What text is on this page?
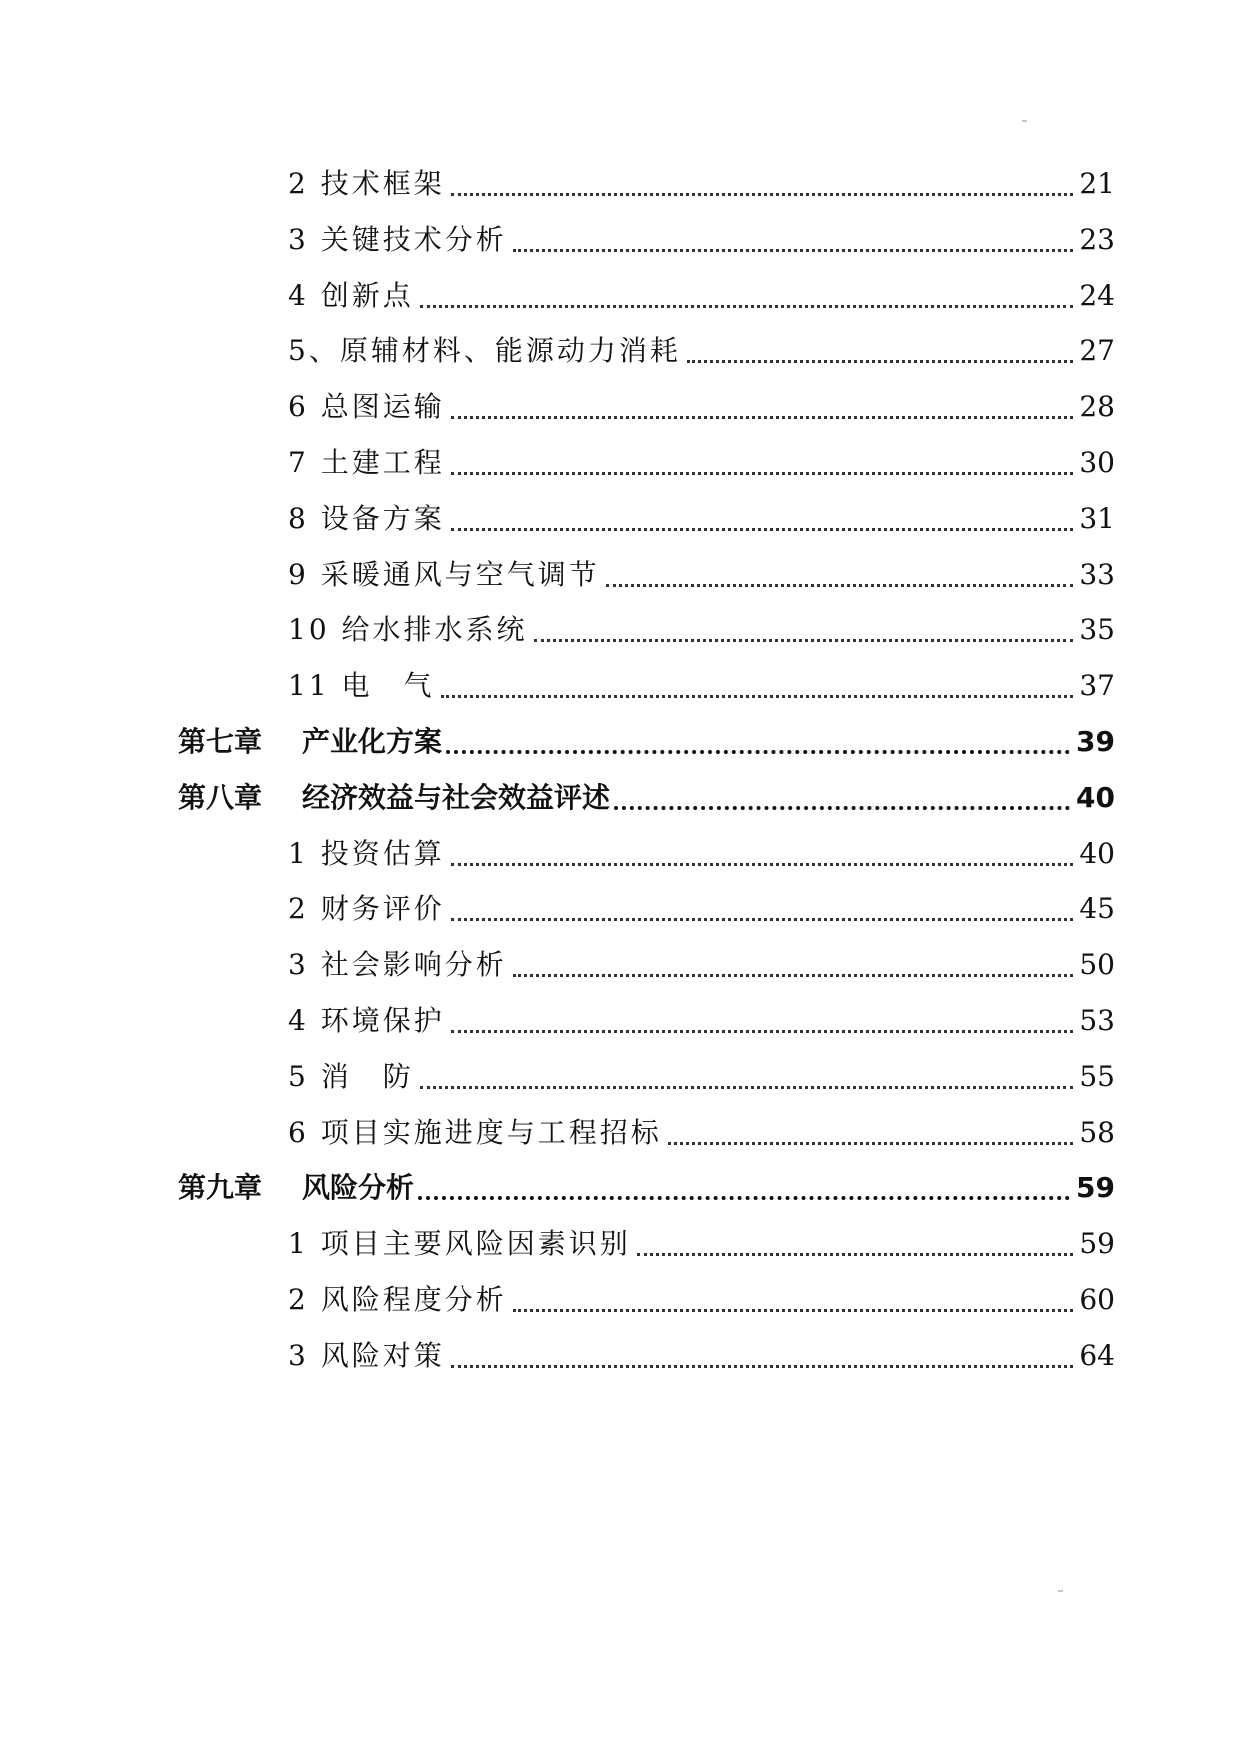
2 技术框架	21
3 关键技术分析	23
4 创新点	24
5、原辅材料、能源动力消耗	27
6 总图运输	28
7 土建工程	30
8 设备方案	31
9 采暖通风与空气调节	33
10 给水排水系统	35
11 电　气	37
第七章	产业化方案	39
第八章	经济效益与社会效益评述	40
1 投资估算	40
2 财务评价	45
3 社会影响分析	50
4 环境保护	53
5 消　防	55
6 项目实施进度与工程招标	58
第九章	风险分析	59
1 项目主要风险因素识别	59
2 风险程度分析	60
3 风险对策	64
